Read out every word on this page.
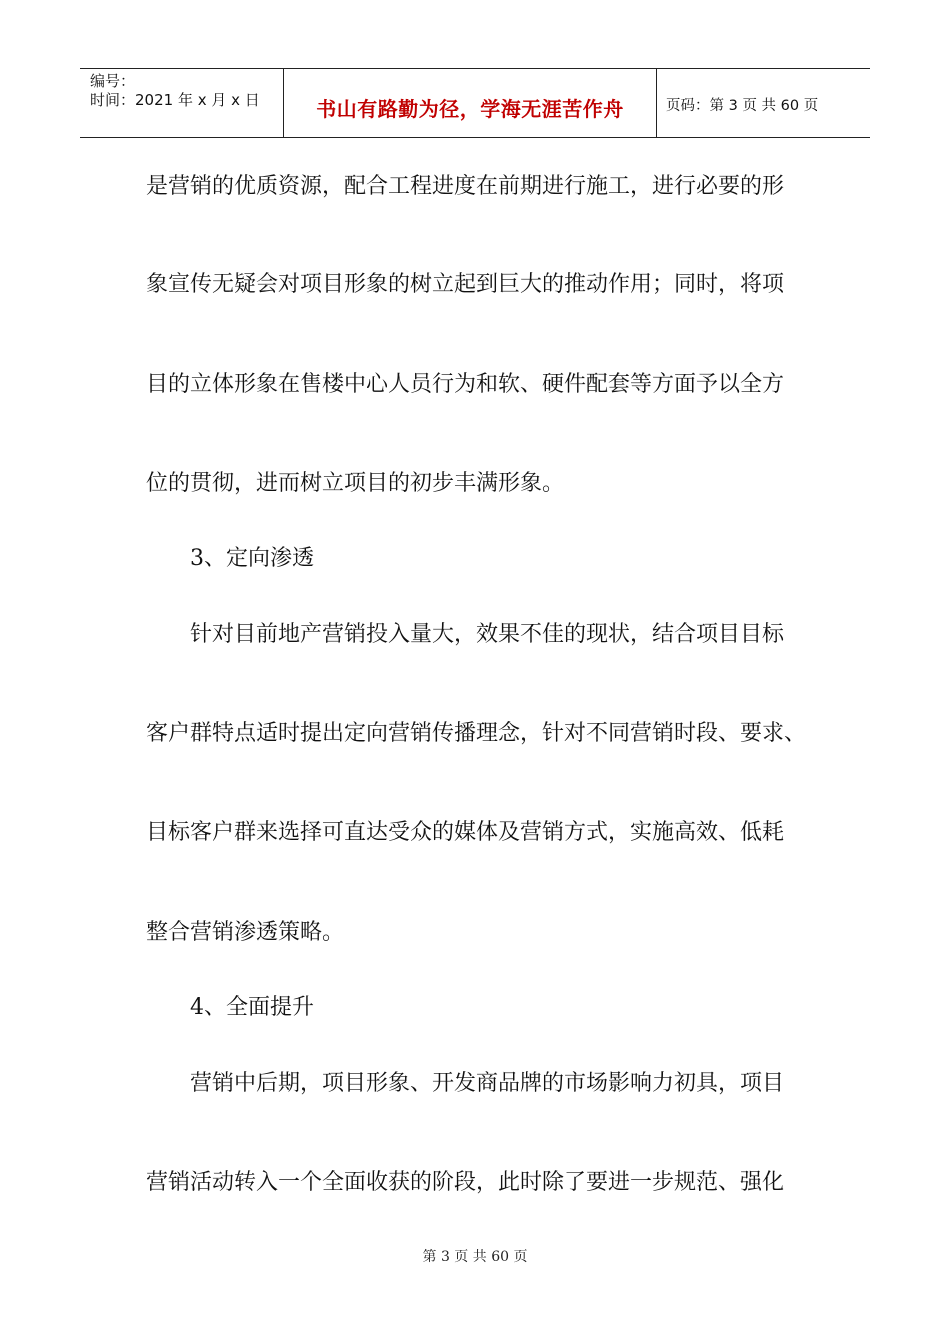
编号：
时间：2021 年 x 月 x 日	书山有路勤为径，学海无涯苦作舟	页码：第 3 页 共 60 页
是营销的优质资源，配合工程进度在前期进行施工，进行必要的形
象宣传无疑会对项目形象的树立起到巨大的推动作用；同时，将项
目的立体形象在售楼中心人员行为和软、硬件配套等方面予以全方
位的贯彻，进而树立项目的初步丰满形象。
3、定向渗透
针对目前地产营销投入量大，效果不佳的现状，结合项目目标
客户群特点适时提出定向营销传播理念，针对不同营销时段、要求、
目标客户群来选择可直达受众的媒体及营销方式，实施高效、低耗
整合营销渗透策略。
4、全面提升
营销中后期，项目形象、开发商品牌的市场影响力初具，项目
营销活动转入一个全面收获的阶段，此时除了要进一步规范、强化
第 3 页 共 60 页
